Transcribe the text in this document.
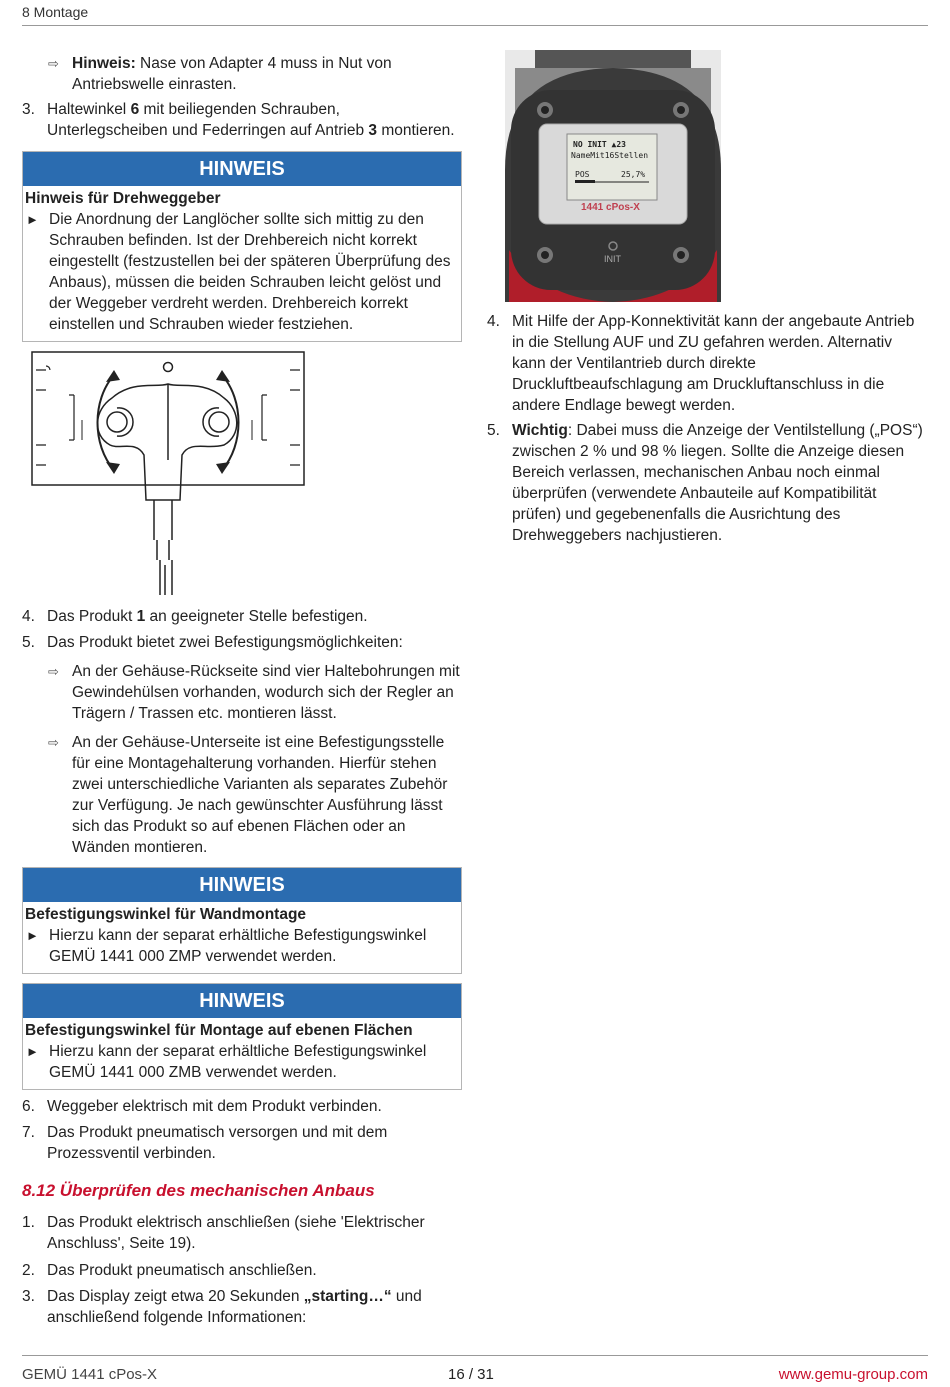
8 Montage
⇨ Hinweis: Nase von Adapter 4 muss in Nut von Antriebswelle einrasten.
3. Haltewinkel 6 mit beiliegenden Schrauben, Unterlegscheiben und Federringen auf Antrieb 3 montieren.
HINWEIS
Hinweis für Drehweggeber
► Die Anordnung der Langlöcher sollte sich mittig zu den Schrauben befinden. Ist der Drehbereich nicht korrekt eingestellt (festzustellen bei der späteren Überprüfung des Anbaus), müssen die beiden Schrauben leicht gelöst und der Weggeber verdreht werden. Drehbereich korrekt einstellen und Schrauben wieder festziehen.
4. Das Produkt 1 an geeigneter Stelle befestigen.
5. Das Produkt bietet zwei Befestigungsmöglichkeiten:
⇨ An der Gehäuse-Rückseite sind vier Haltebohrungen mit Gewindehülsen vorhanden, wodurch sich der Regler an Trägern / Trassen etc. montieren lässt.
⇨ An der Gehäuse-Unterseite ist eine Befestigungsstelle für eine Montagehalterung vorhanden. Hierfür stehen zwei unterschiedliche Varianten als separates Zubehör zur Verfügung. Je nach gewünschter Ausführung lässt sich das Produkt so auf ebenen Flächen oder an Wänden montieren.
HINWEIS
Befestigungswinkel für Wandmontage
► Hierzu kann der separat erhältliche Befestigungswinkel GEMÜ 1441 000 ZMP verwendet werden.
HINWEIS
Befestigungswinkel für Montage auf ebenen Flächen
► Hierzu kann der separat erhältliche Befestigungswinkel GEMÜ 1441 000 ZMB verwendet werden.
6. Weggeber elektrisch mit dem Produkt verbinden.
7. Das Produkt pneumatisch versorgen und mit dem Prozessventil verbinden.
8.12 Überprüfen des mechanischen Anbaus
1. Das Produkt elektrisch anschließen (siehe 'Elektrischer Anschluss', Seite 19).
2. Das Produkt pneumatisch anschließen.
3. Das Display zeigt etwa 20 Sekunden „starting…“ und anschließend folgende Informationen:
NO INIT ▲23
NameMit16Stellen
POS	25,7%
1441 cPos-X
INIT
4. Mit Hilfe der App-Konnektivität kann der angebaute Antrieb in die Stellung AUF und ZU gefahren werden. Alternativ kann der Ventilantrieb durch direkte Druckluftbeaufschlagung am Druckluftanschluss in die andere Endlage bewegt werden.
5. Wichtig: Dabei muss die Anzeige der Ventilstellung („POS“) zwischen 2 % und 98 % liegen. Sollte die Anzeige diesen Bereich verlassen, mechanischen Anbau noch einmal überprüfen (verwendete Anbauteile auf Kompatibilität prüfen) und gegebenenfalls die Ausrichtung des Drehweggebers nachjustieren.
GEMÜ 1441 cPos-X	16 / 31	www.gemu-group.com
